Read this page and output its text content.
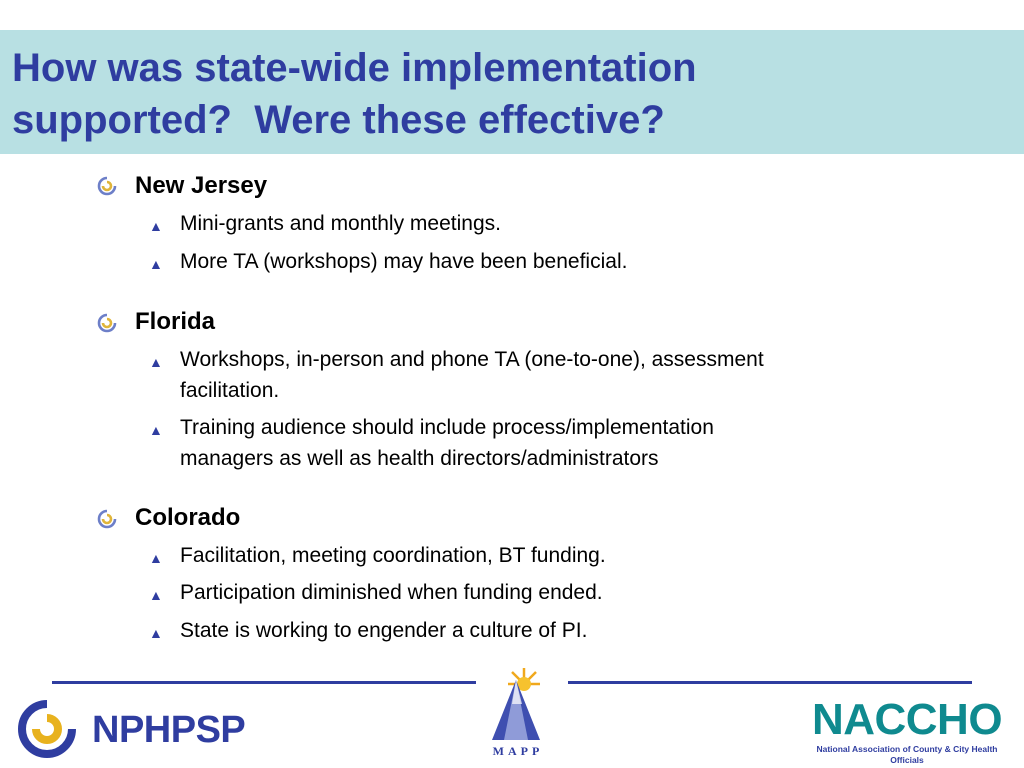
How was state-wide implementation
supported?  Were these effective?
New Jersey
▲ Mini-grants and monthly meetings.
▲ More TA (workshops) may have been beneficial.
Florida
▲ Workshops, in-person and phone TA (one-to-one), assessment
facilitation.
▲ Training audience should include process/implementation
managers as well as health directors/administrators
Colorado
▲ Facilitation, meeting coordination, BT funding.
▲ Participation diminished when funding ended.
▲ State is working to engender a culture of PI.
NPHPSP	MAPP
NACCHO
National Association of County & City Health Officials
